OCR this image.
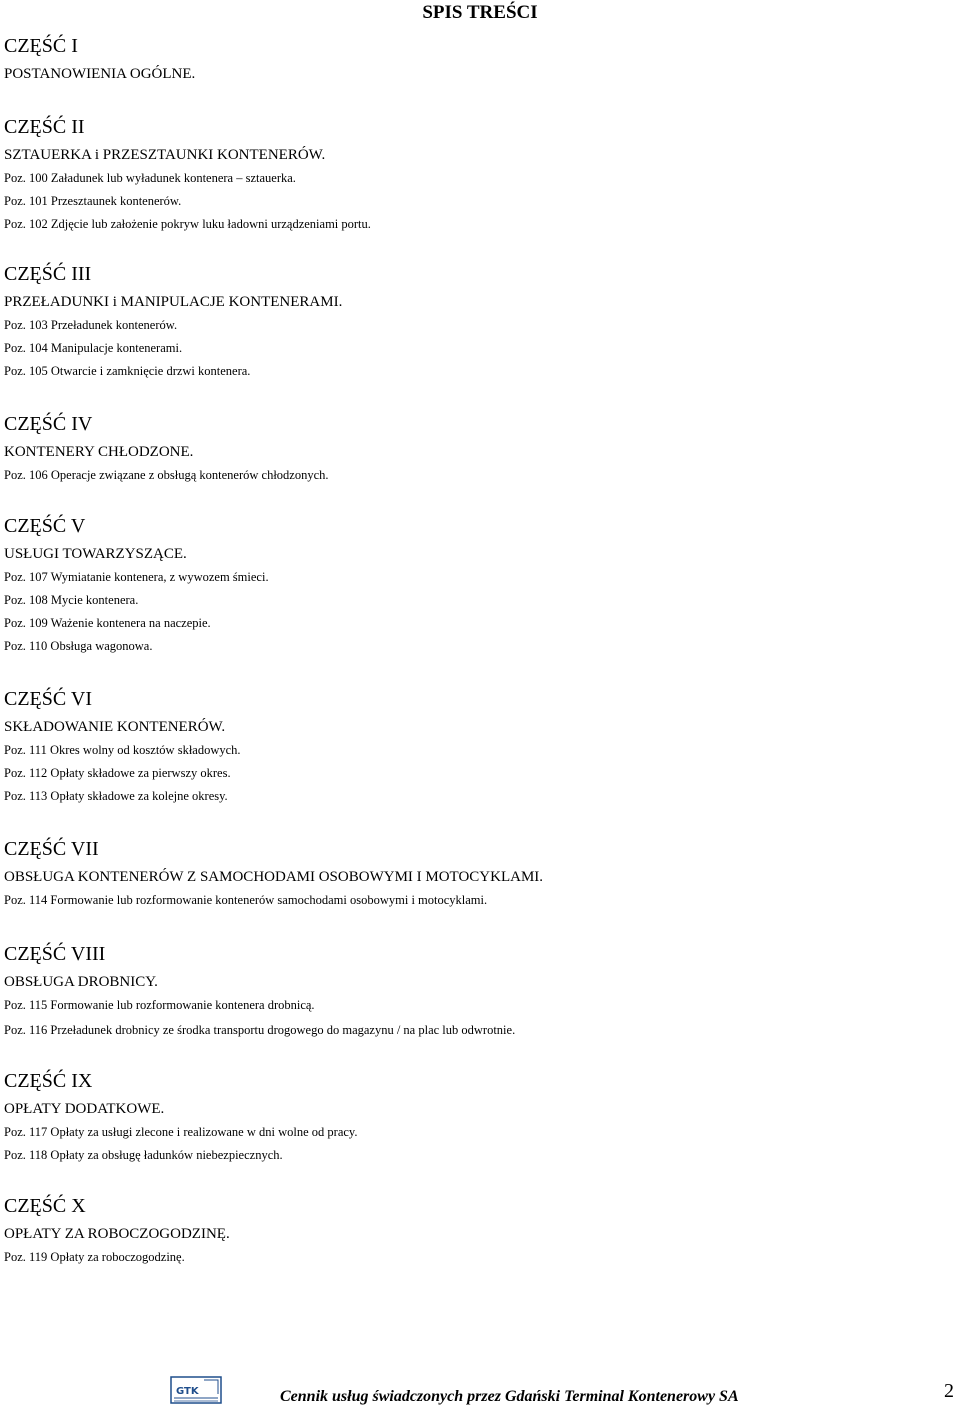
SPIS TREŚCI

CZĘŚĆ I

POSTANOWIENIA OGÓLNE.

CZĘŚĆ II

SZTAUERKA i PRZESZTAUNKI KONTENERÓW.

Poz. 100 Załadunek lub wyładunek kontenera – sztauerka.

Poz. 101 Przesztaunek kontenerów.

Poz. 102 Zdjęcie lub założenie pokryw luku ładowni urządzeniami portu.

CZĘŚĆ III

PRZEŁADUNKI i MANIPULACJE KONTENERAMI.

Poz. 103 Przeładunek kontenerów.

Poz. 104 Manipulacje kontenerami.

Poz. 105 Otwarcie i zamknięcie drzwi kontenera.

CZĘŚĆ IV

KONTENERY CHŁODZONE.

Poz. 106 Operacje związane z obsługą kontenerów chłodzonych.

CZĘŚĆ V

USŁUGI TOWARZYSZĄCE.

Poz. 107 Wymiatanie kontenera, z wywozem śmieci.

Poz. 108 Mycie kontenera.

Poz. 109 Ważenie kontenera na naczepie.

Poz. 110 Obsługa wagonowa.

CZĘŚĆ VI

SKŁADOWANIE KONTENERÓW.

Poz. 111 Okres wolny od kosztów składowych.

Poz. 112 Opłaty składowe za pierwszy okres.

Poz. 113 Opłaty składowe za kolejne okresy.

CZĘŚĆ VII

OBSŁUGA KONTENERÓW Z SAMOCHODAMI OSOBOWYMI I MOTOCYKLAMI.

Poz. 114 Formowanie lub rozformowanie kontenerów samochodami osobowymi i motocyklami.

CZĘŚĆ VIII

OBSŁUGA DROBNICY.

Poz. 115 Formowanie lub rozformowanie kontenera drobnicą.

Poz. 116 Przeładunek drobnicy ze środka transportu drogowego do magazynu / na plac lub odwrotnie.

CZĘŚĆ IX

OPŁATY DODATKOWE.

Poz. 117 Opłaty za usługi zlecone i realizowane w dni wolne od pracy.

Poz. 118 Opłaty za obsługę ładunków niebezpiecznych.

CZĘŚĆ X

OPŁATY ZA ROBOCZOGODZINĘ.

Poz. 119 Opłaty za roboczogodzinę.

GTK	Cennik usług świadczonych przez Gdański Terminal Kontenerowy SA	2
